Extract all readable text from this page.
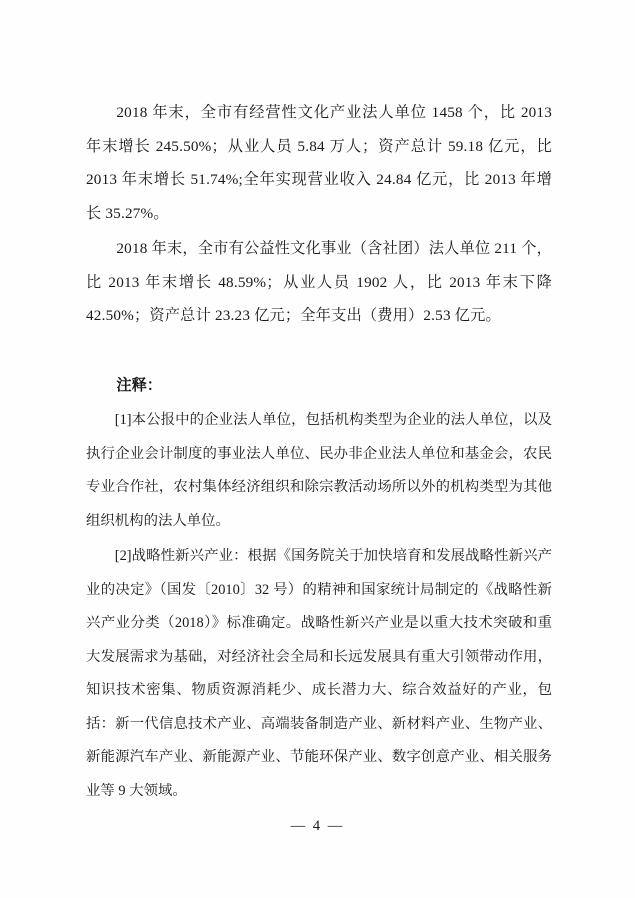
2018 年末，全市有经营性文化产业法人单位 1458 个，比 2013 年末增长 245.50%；从业人员 5.84 万人；资产总计 59.18 亿元，比 2013 年末增长 51.74%;全年实现营业收入 24.84 亿元，比 2013 年增长 35.27%。

2018 年末，全市有公益性文化事业（含社团）法人单位 211 个，比 2013 年末增长 48.59%；从业人员 1902 人，比 2013 年末下降 42.50%；资产总计 23.23 亿元；全年支出（费用）2.53 亿元。

注释：

[1]本公报中的企业法人单位，包括机构类型为企业的法人单位，以及执行企业会计制度的事业法人单位、民办非企业法人单位和基金会，农民专业合作社，农村集体经济组织和除宗教活动场所以外的机构类型为其他组织机构的法人单位。

[2]战略性新兴产业：根据《国务院关于加快培育和发展战略性新兴产业的决定》（国发〔2010〕32 号）的精神和国家统计局制定的《战略性新兴产业分类（2018）》标准确定。战略性新兴产业是以重大技术突破和重大发展需求为基础，对经济社会全局和长远发展具有重大引领带动作用，知识技术密集、物质资源消耗少、成长潜力大、综合效益好的产业，包括：新一代信息技术产业、高端装备制造产业、新材料产业、生物产业、新能源汽车产业、新能源产业、节能环保产业、数字创意产业、相关服务业等 9 大领域。

— 4 —
